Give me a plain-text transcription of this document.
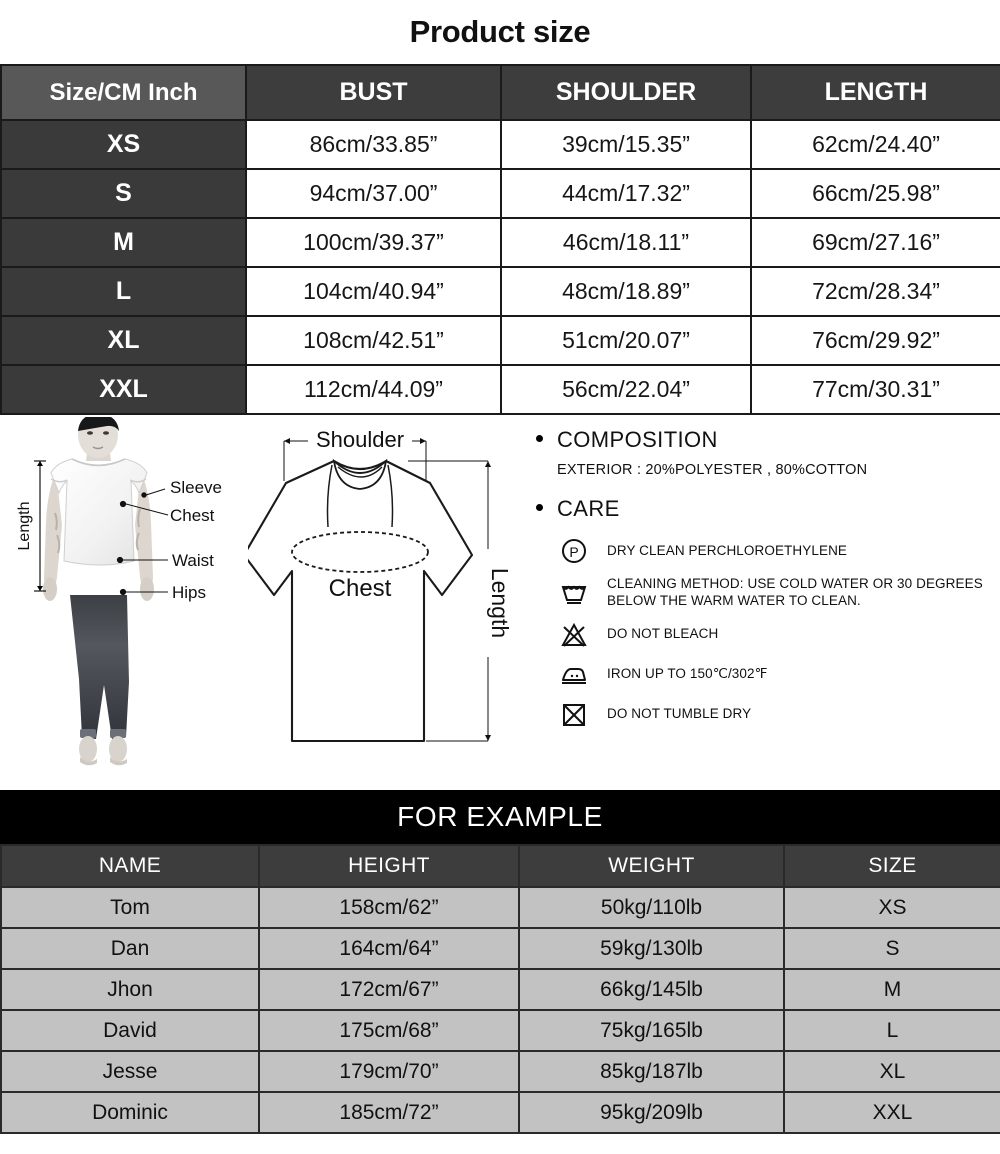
Product size
Size/CM Inch	BUST	SHOULDER	LENGTH
XS	86cm/33.85”	39cm/15.35”	62cm/24.40”
S	94cm/37.00”	44cm/17.32”	66cm/25.98”
M	100cm/39.37”	46cm/18.11”	69cm/27.16”
L	104cm/40.94”	48cm/18.89”	72cm/28.34”
XL	108cm/42.51”	51cm/20.07”	76cm/29.92”
XXL	112cm/44.09”	56cm/22.04”	77cm/30.31”
Length
Sleeve
Chest
Waist
Hips
Shoulder
Chest	Length
COMPOSITION
EXTERIOR : 20%POLYESTER , 80%COTTON
CARE
P DRY CLEAN PERCHLOROETHYLENE
CLEANING METHOD: USE COLD WATER OR 30 DEGREES BELOW THE WARM WATER TO CLEAN.
DO NOT BLEACH
IRON UP TO 150℃/302℉
DO NOT TUMBLE DRY
FOR EXAMPLE
NAME	HEIGHT	WEIGHT	SIZE
Tom	158cm/62”	50kg/110lb	XS
Dan	164cm/64”	59kg/130lb	S
Jhon	172cm/67”	66kg/145lb	M
David	175cm/68”	75kg/165lb	L
Jesse	179cm/70”	85kg/187lb	XL
Dominic	185cm/72”	95kg/209lb	XXL
